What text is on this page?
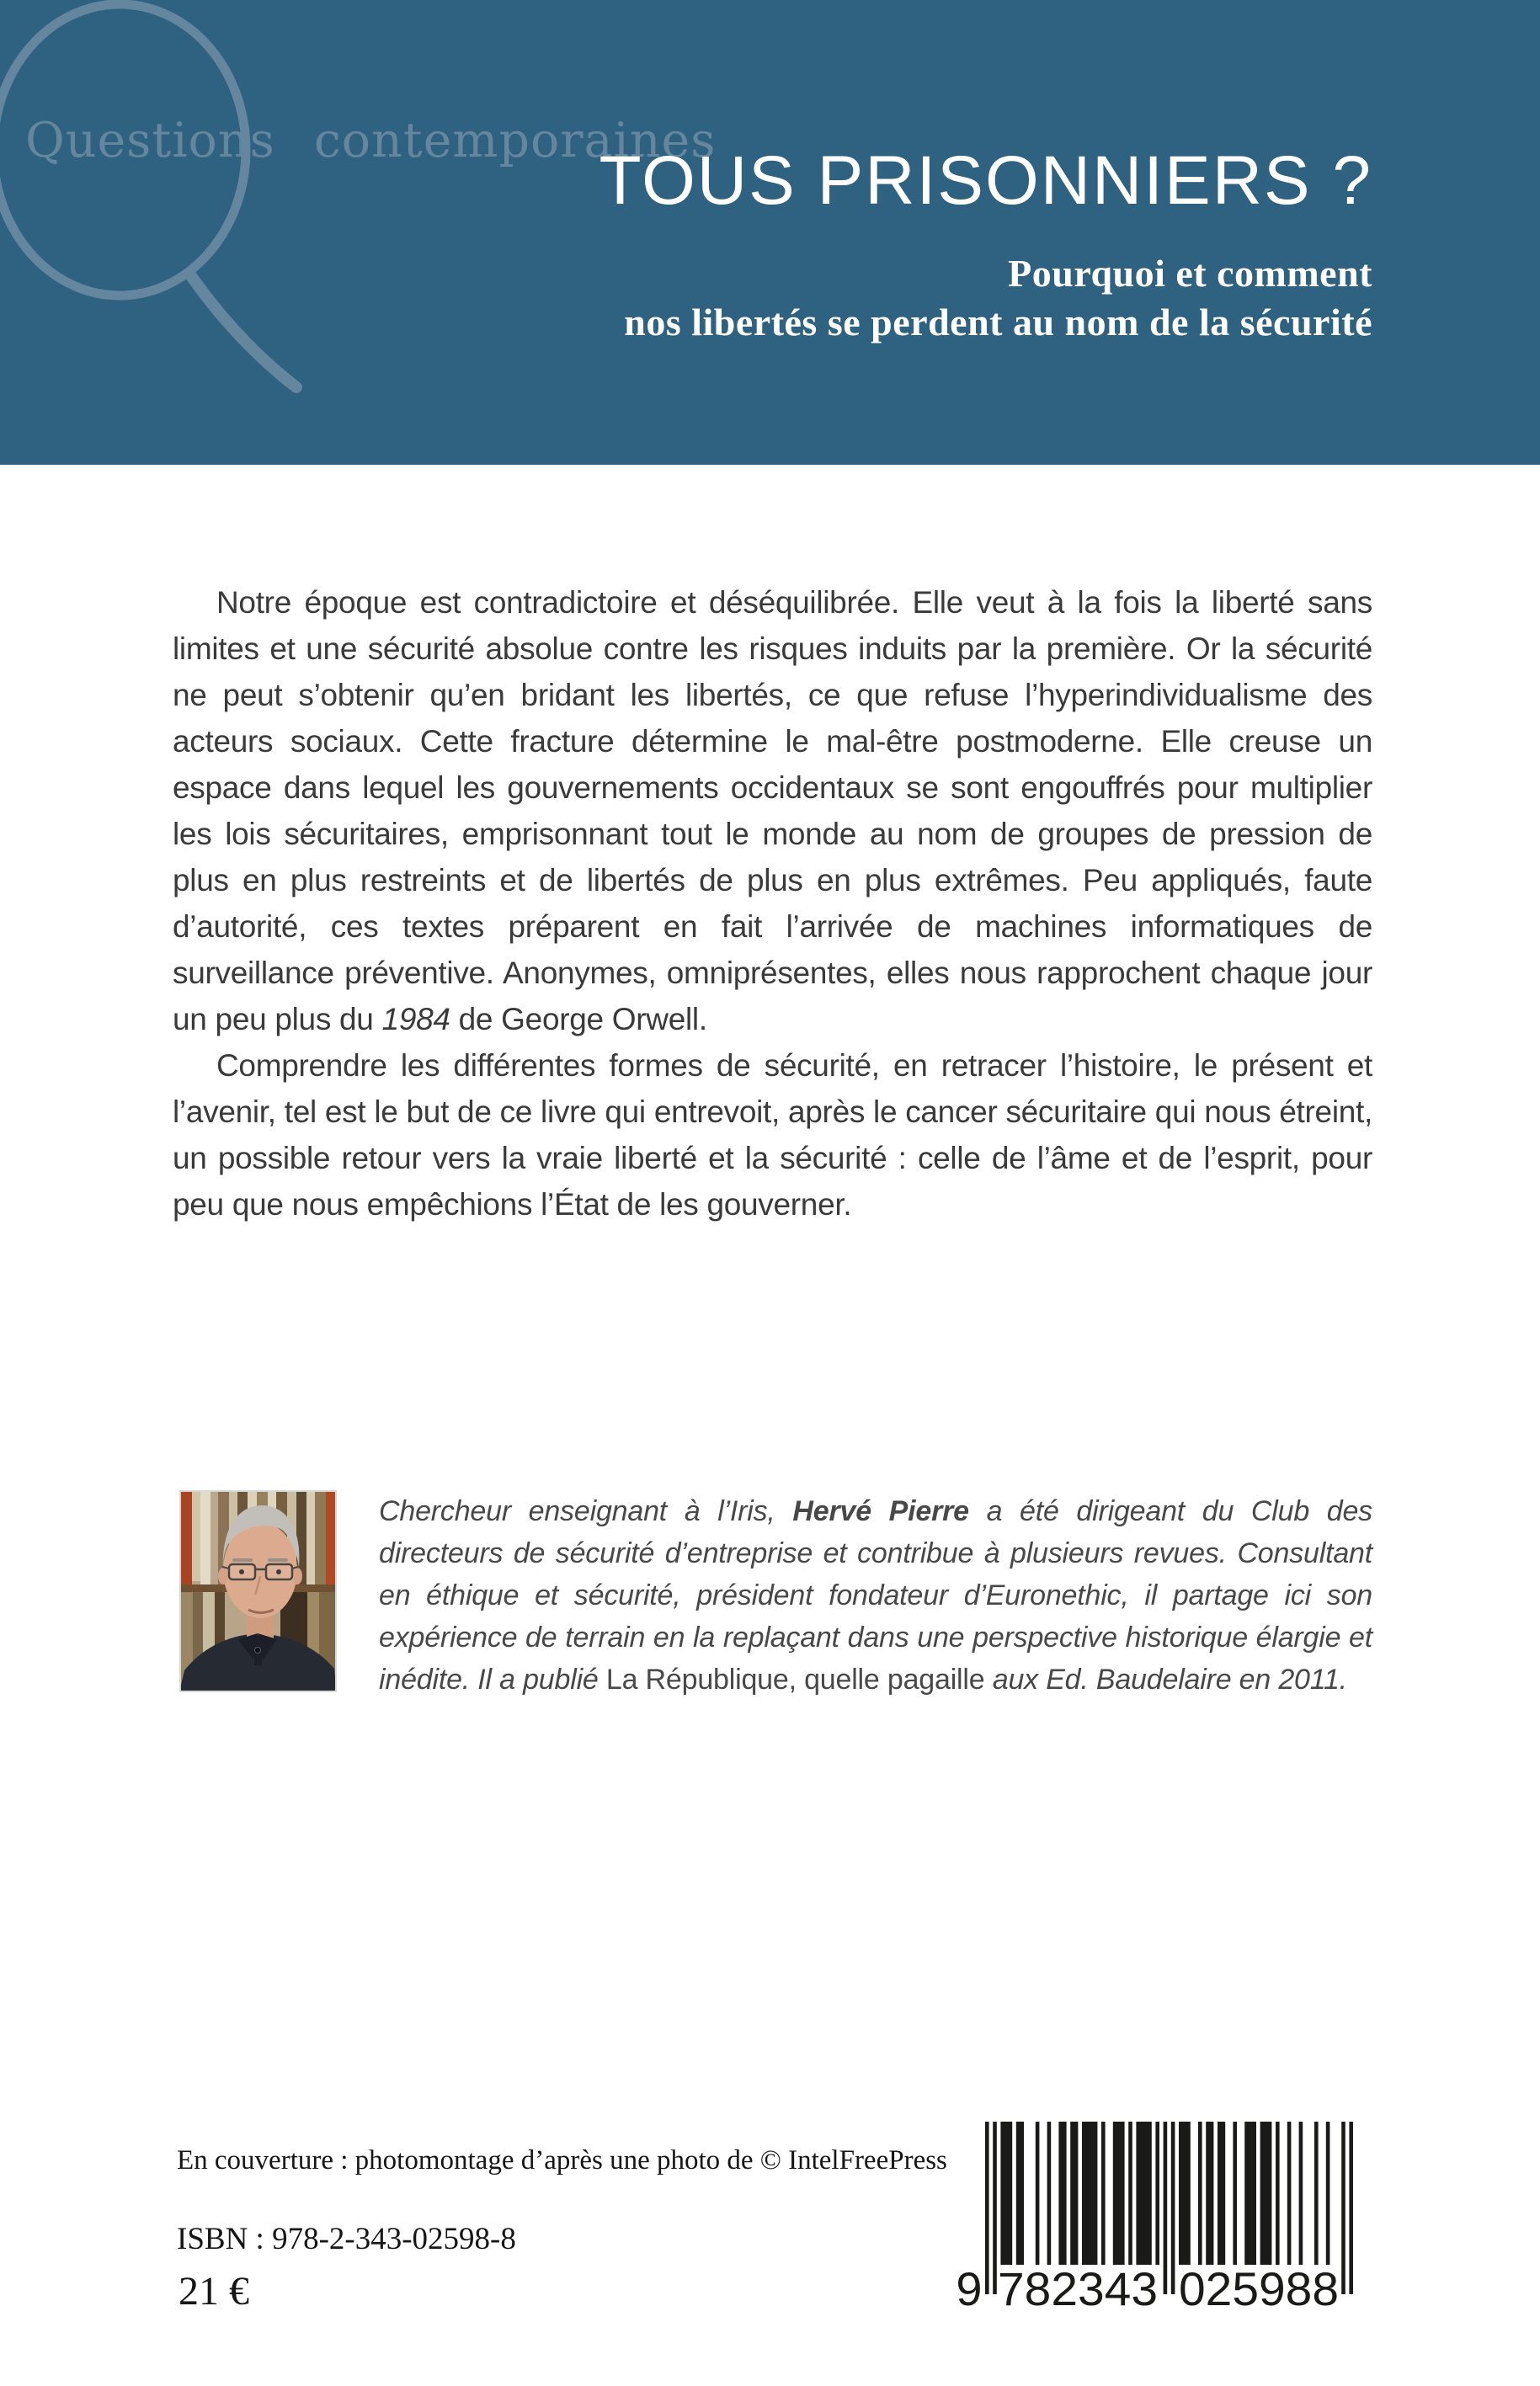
Questions contemporaines
TOUS PRISONNIERS ?
Pourquoi et comment
nos libertés se perdent au nom de la sécurité

Notre époque est contradictoire et déséquilibrée. Elle veut à la fois la liberté sans limites et une sécurité absolue contre les risques induits par la première. Or la sécurité ne peut s’obtenir qu’en bridant les libertés, ce que refuse l’hyperindividualisme des acteurs sociaux. Cette fracture détermine le mal-être postmoderne. Elle creuse un espace dans lequel les gouvernements occidentaux se sont engouffrés pour multiplier les lois sécuritaires, emprisonnant tout le monde au nom de groupes de pression de plus en plus restreints et de libertés de plus en plus extrêmes. Peu appliqués, faute d’autorité, ces textes préparent en fait l’arrivée de machines informatiques de surveillance préventive. Anonymes, omniprésentes, elles nous rapprochent chaque jour un peu plus du 1984 de George Orwell.

Comprendre les différentes formes de sécurité, en retracer l’histoire, le présent et l’avenir, tel est le but de ce livre qui entrevoit, après le cancer sécuritaire qui nous étreint, un possible retour vers la vraie liberté et la sécurité : celle de l’âme et de l’esprit, pour peu que nous empêchions l’État de les gouverner.

Chercheur enseignant à l’Iris, Hervé Pierre a été dirigeant du Club des directeurs de sécurité d’entreprise et contribue à plusieurs revues. Consultant en éthique et sécurité, président fondateur d’Euronethic, il partage ici son expérience de terrain en la replaçant dans une perspective historique élargie et inédite. Il a publié La République, quelle pagaille aux Ed. Baudelaire en 2011.

En couverture : photomontage d’après une photo de © IntelFreePress

ISBN : 978-2-343-02598-8

21 €	9 782343 025988
